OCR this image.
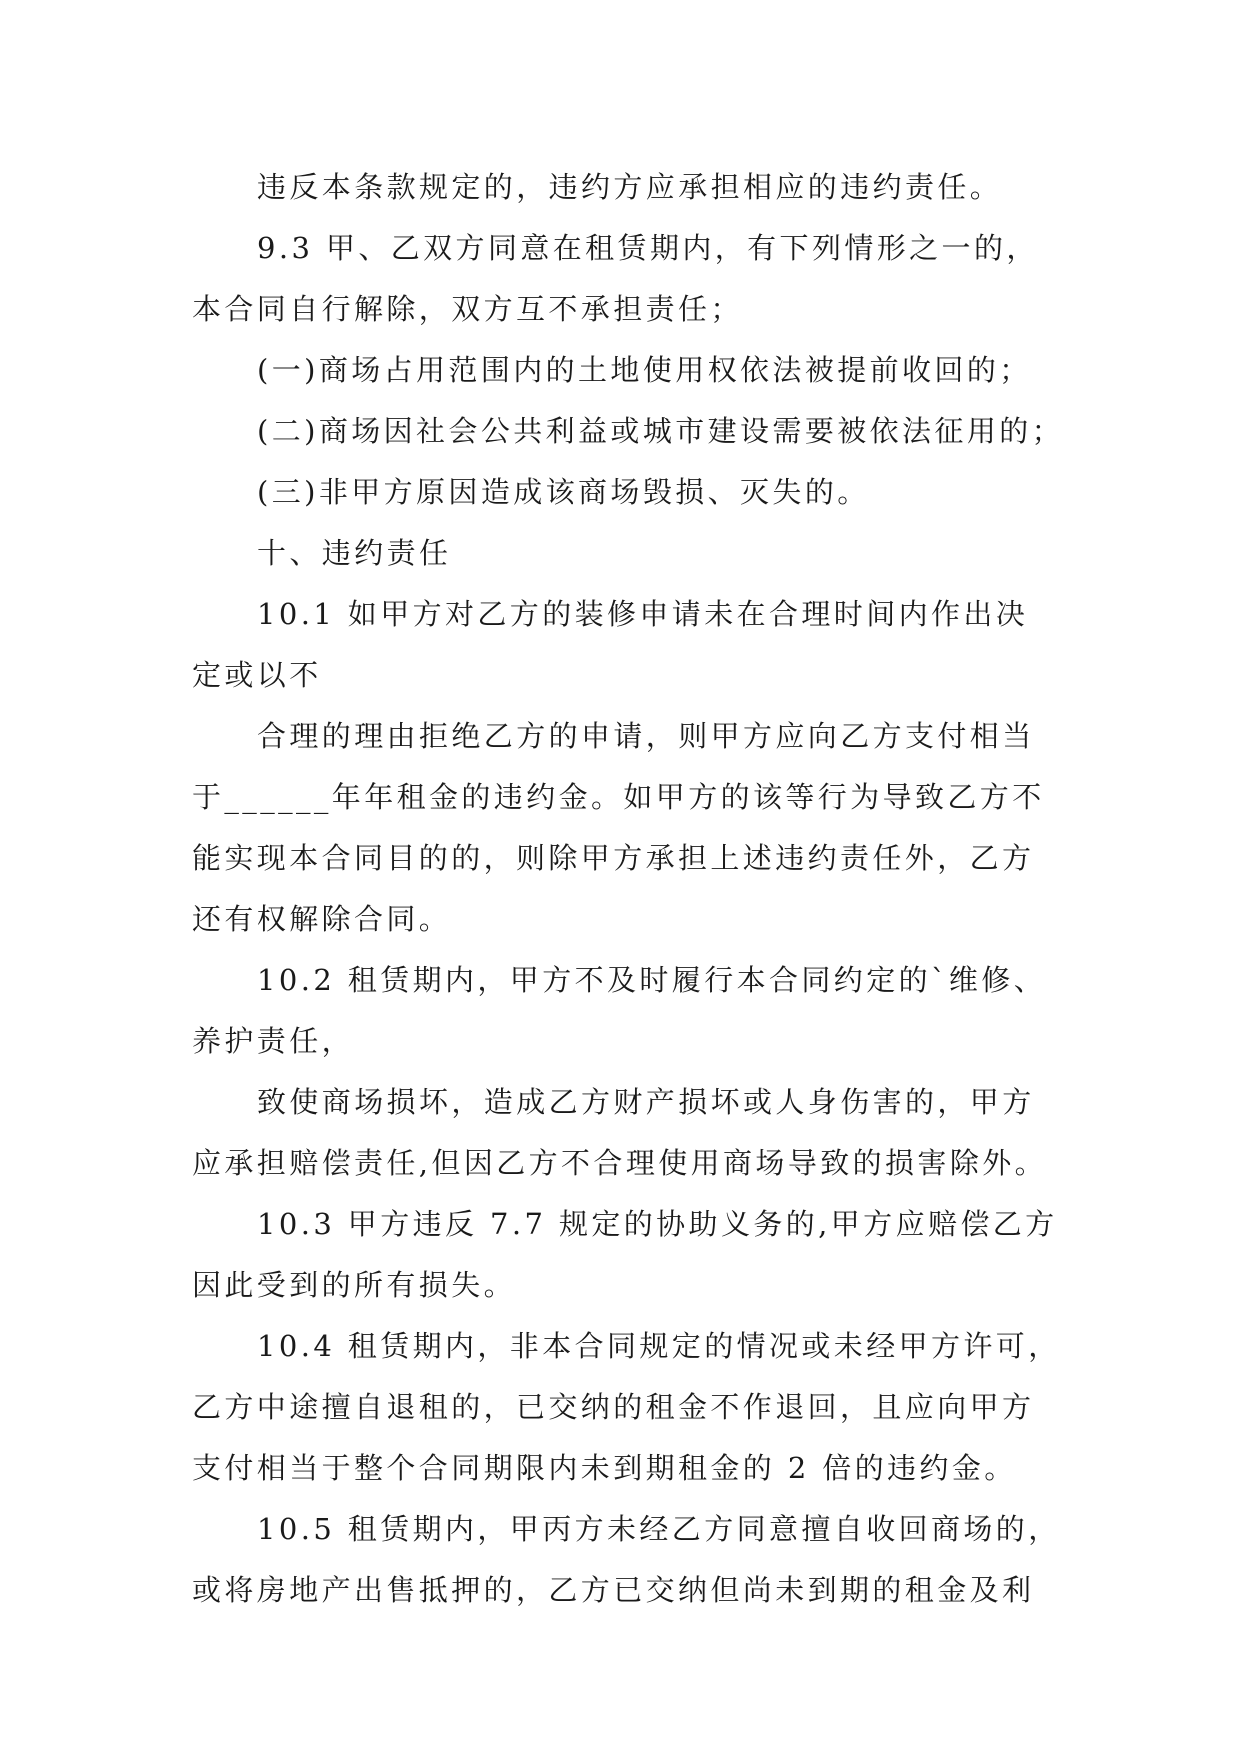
违反本条款规定的，违约方应承担相应的违约责任。
9.3 甲、乙双方同意在租赁期内，有下列情形之一的，
本合同自行解除，双方互不承担责任；
(一)商场占用范围内的土地使用权依法被提前收回的；
(二)商场因社会公共利益或城市建设需要被依法征用的；
(三)非甲方原因造成该商场毁损、灭失的。
十、违约责任
10.1 如甲方对乙方的装修申请未在合理时间内作出决
定或以不
合理的理由拒绝乙方的申请，则甲方应向乙方支付相当
于______年年租金的违约金。如甲方的该等行为导致乙方不
能实现本合同目的的，则除甲方承担上述违约责任外，乙方
还有权解除合同。
10.2 租赁期内，甲方不及时履行本合同约定的`维修、
养护责任，
致使商场损坏，造成乙方财产损坏或人身伤害的，甲方
应承担赔偿责任,但因乙方不合理使用商场导致的损害除外。
10.3 甲方违反 7.7 规定的协助义务的,甲方应赔偿乙方
因此受到的所有损失。
10.4 租赁期内，非本合同规定的情况或未经甲方许可，
乙方中途擅自退租的，已交纳的租金不作退回，且应向甲方
支付相当于整个合同期限内未到期租金的 2 倍的违约金。
10.5 租赁期内，甲丙方未经乙方同意擅自收回商场的，
或将房地产出售抵押的，乙方已交纳但尚未到期的租金及利
